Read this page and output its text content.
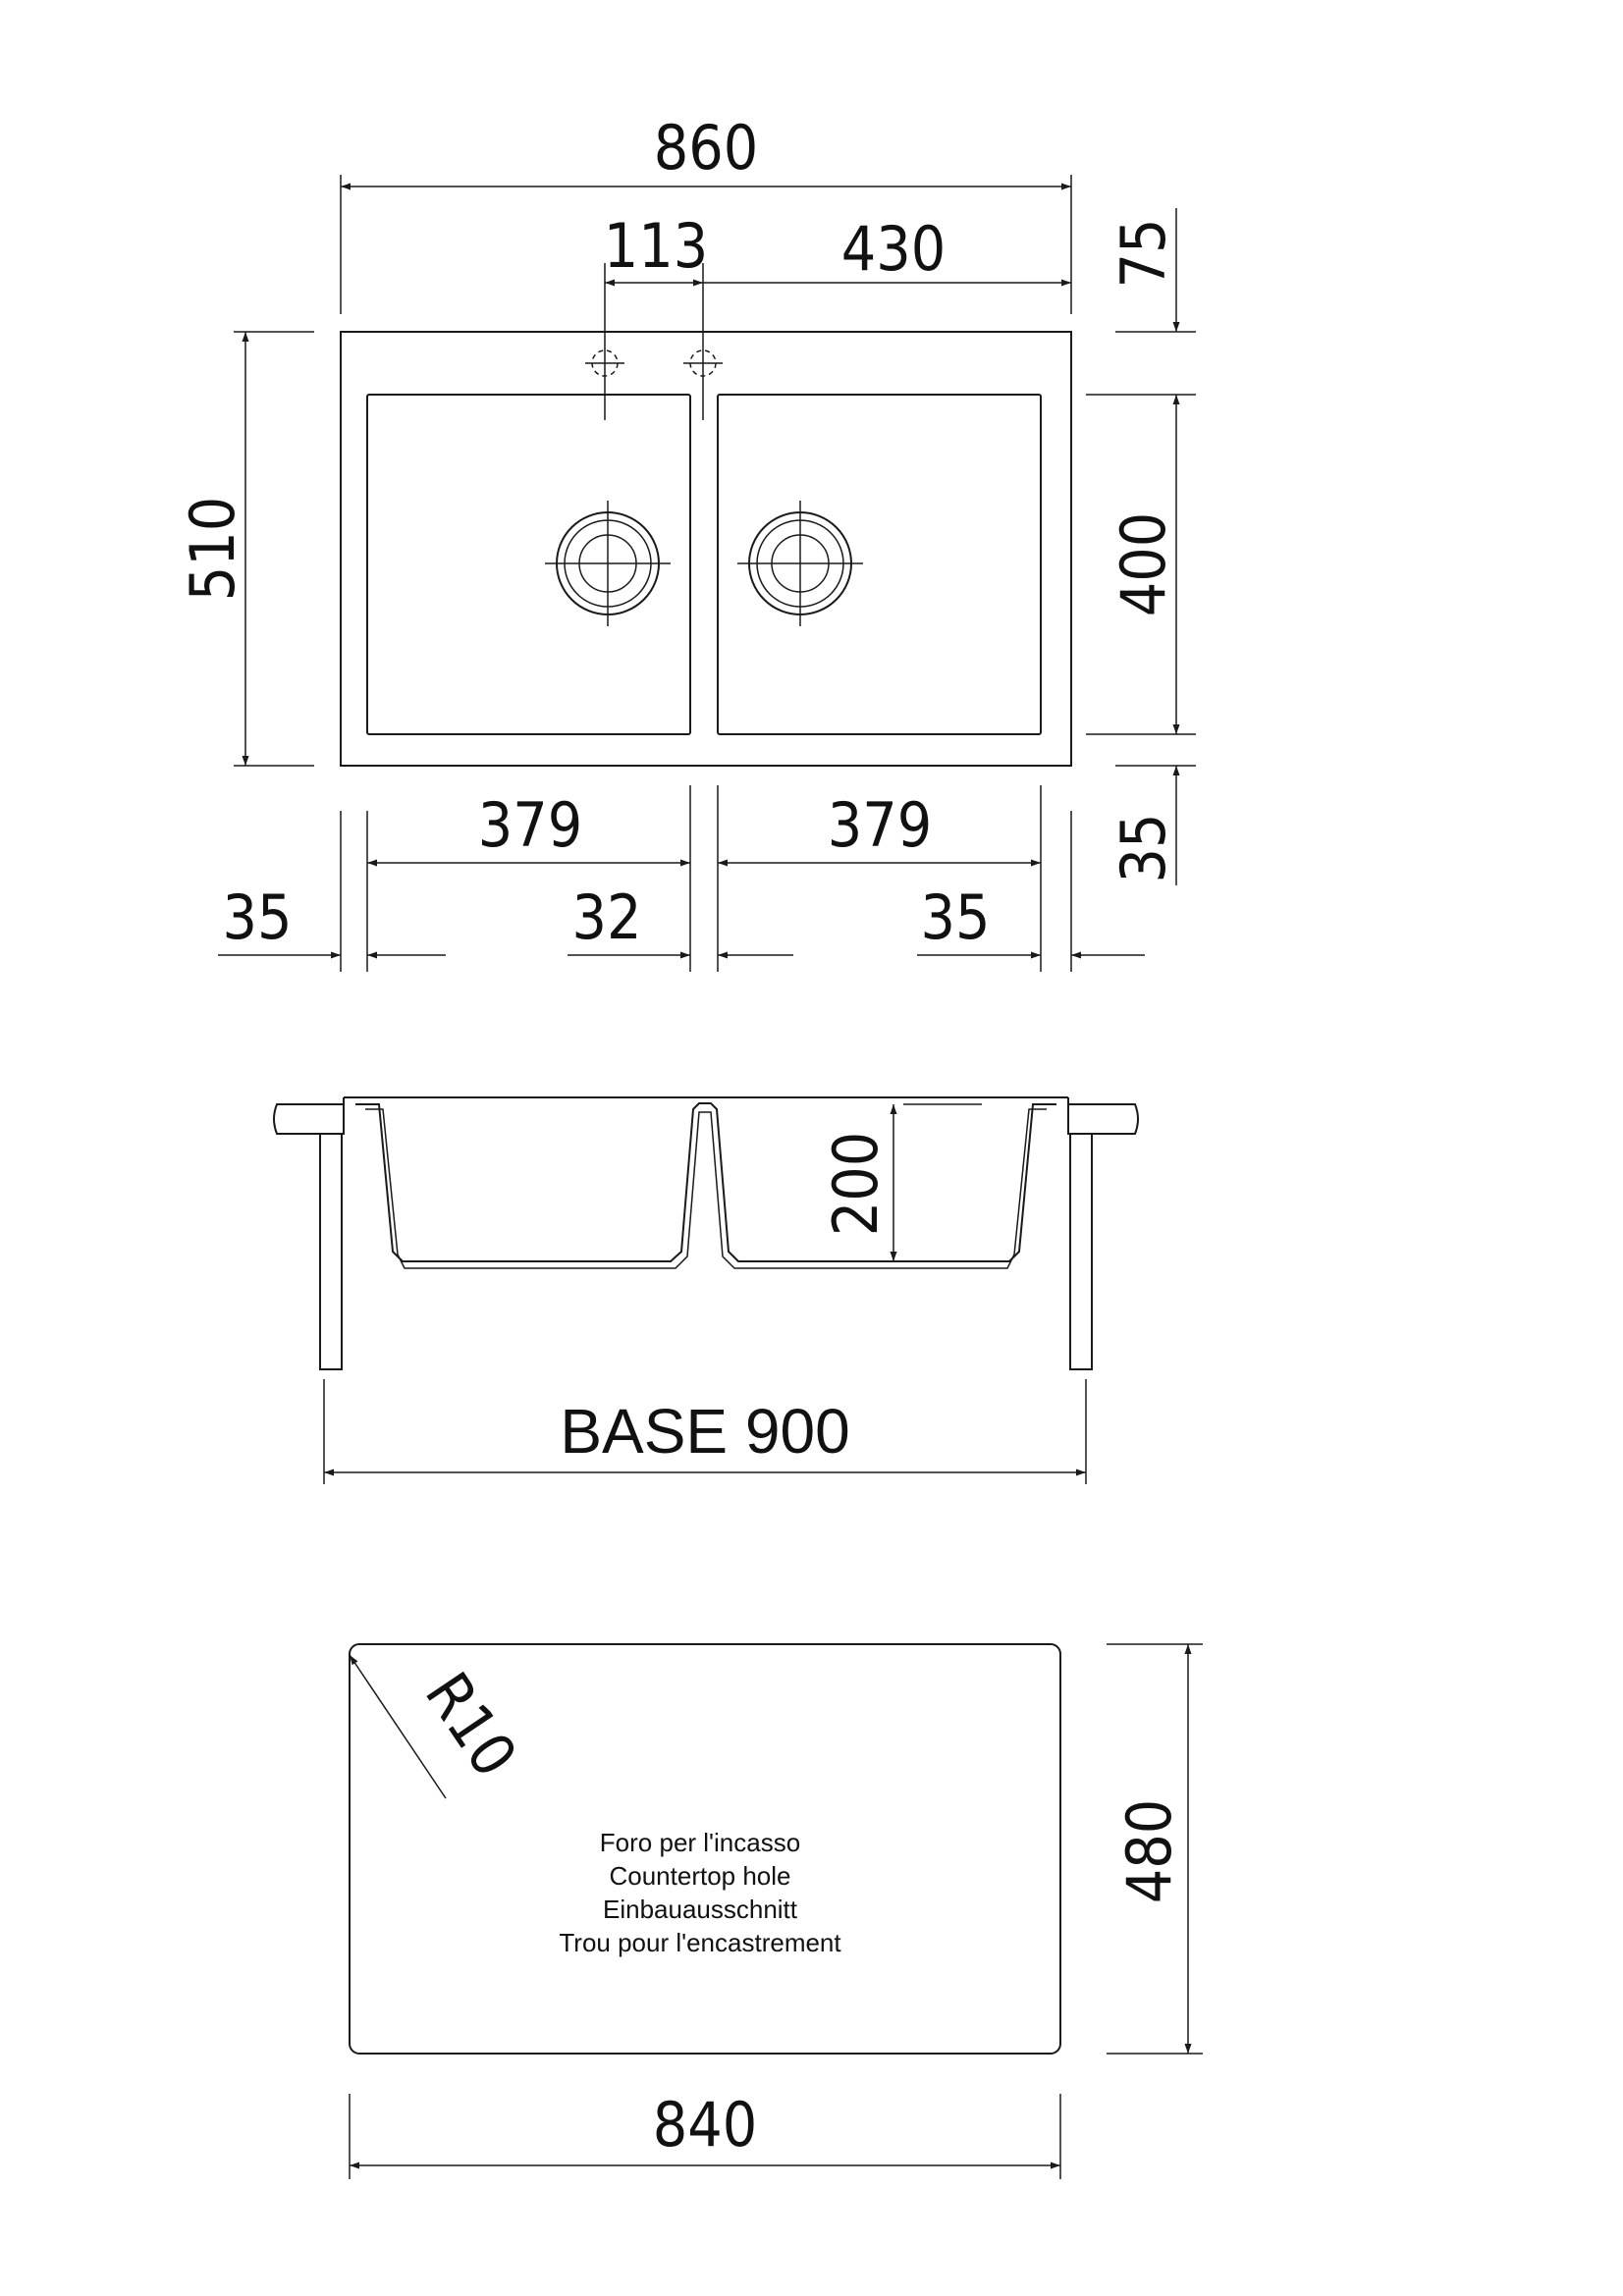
860
113 430
510
75
400
35
379	379
35	32	35
200
BASE 900
R10
Foro per l'incasso
Countertop hole
Einbauausschnitt
Trou pour l'encastrement
480
840
